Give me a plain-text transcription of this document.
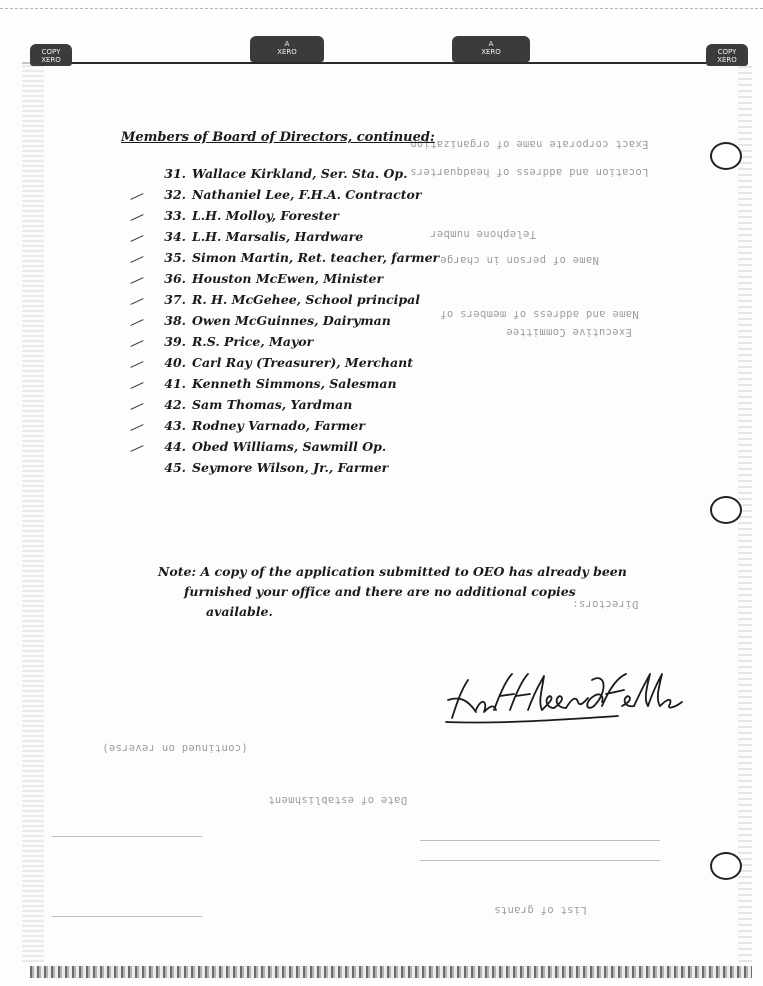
COPY
XERO
A
XERO
A
XERO	COPY
XERO
Exact corporate name of organization
Location and address of headquarters
Telephone number
Name of person in charge
Name and address of members of
Executive Committee
Directors:
(continued on reverse)
Date of establishment
List of grants
Members of Board of Directors, continued:
31. Wallace Kirkland, Ser. Sta. Op.
32. Nathaniel Lee, F.H.A. Contractor
33. L.H. Molloy, Forester
34. L.H. Marsalis, Hardware
35. Simon Martin, Ret. teacher, farmer
36. Houston McEwen, Minister
37. R. H. McGehee, School principal
38. Owen McGuinnes, Dairyman
39. R.S. Price, Mayor
40. Carl Ray (Treasurer), Merchant
41. Kenneth Simmons, Salesman
42. Sam Thomas, Yardman
43. Rodney Varnado, Farmer
44. Obed Williams, Sawmill Op.
45. Seymore Wilson, Jr., Farmer
Note: A copy of the application submitted to OEO has already been
furnished your office and there are no additional copies
available.
